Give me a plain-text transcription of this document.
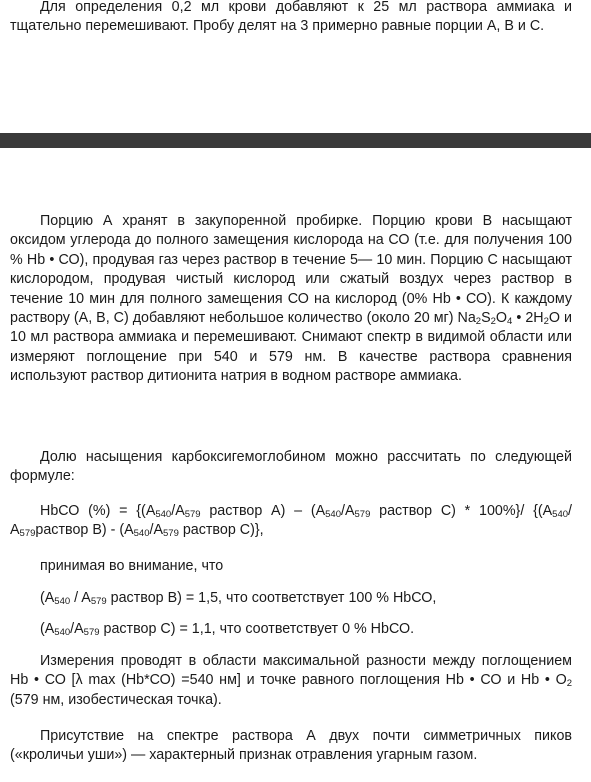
Для определения 0,2 мл крови добавляют к 25 мл раствора аммиака и тщательно перемешивают. Пробу делят на 3 примерно равные порции А, В и С.

Порцию А хранят в закупоренной пробирке. Порцию крови В насыщают оксидом углерода до полного замещения кислорода на СО (т.е. для получения 100 % Нb • СО), продувая газ через раствор в течение 5— 10 мин. Порцию С насыщают кислородом, продувая чистый кислород или сжатый воздух через раствор в течение 10 мин для полного замещения СО на кислород (0% Нb • СО). К каждому раствору (А, В, С) добавляют небольшое количество (около 20 мг) $Na_2S_2O_4$ • $2H_2O$ и 10 мл раствора аммиака и перемешивают. Снимают спектр в видимой области или измеряют поглощение при 540 и 579 нм. В качестве раствора сравнения используют раствор дитионита натрия в водном растворе аммиака.

Долю насыщения карбоксигемоглобином можно рассчитать по следующей формуле:

НbСО (%) = {($A_{540}/A_{579}$ раствор $А) - (A_{540}/A_{579}$ раствор С) * 100%}/ {($A_{540}/$ $A_{579}раствор$ $В) - (A_{540}/A_{579}$ раствор С)},

принимая во внимание, что

($A_{540} / A_{579}$ раствор В) = 1,5, что соответствует 100 % НbСО,

($A_{540}/A_{579}$ раствор С) = 1,1, что соответствует 0 % НbСО.

Измерения проводят в области максимальной разности между поглощением Нb • СО [λ max (Нb*СО) =540 нм] и точке равного поглощения Нb • СО и Нb • $O_2$ (579 нм, изобестическая точка).

Присутствие на спектре раствора А двух почти симметричных пиков («кроличьи уши») — характерный признак отравления угарным газом.
